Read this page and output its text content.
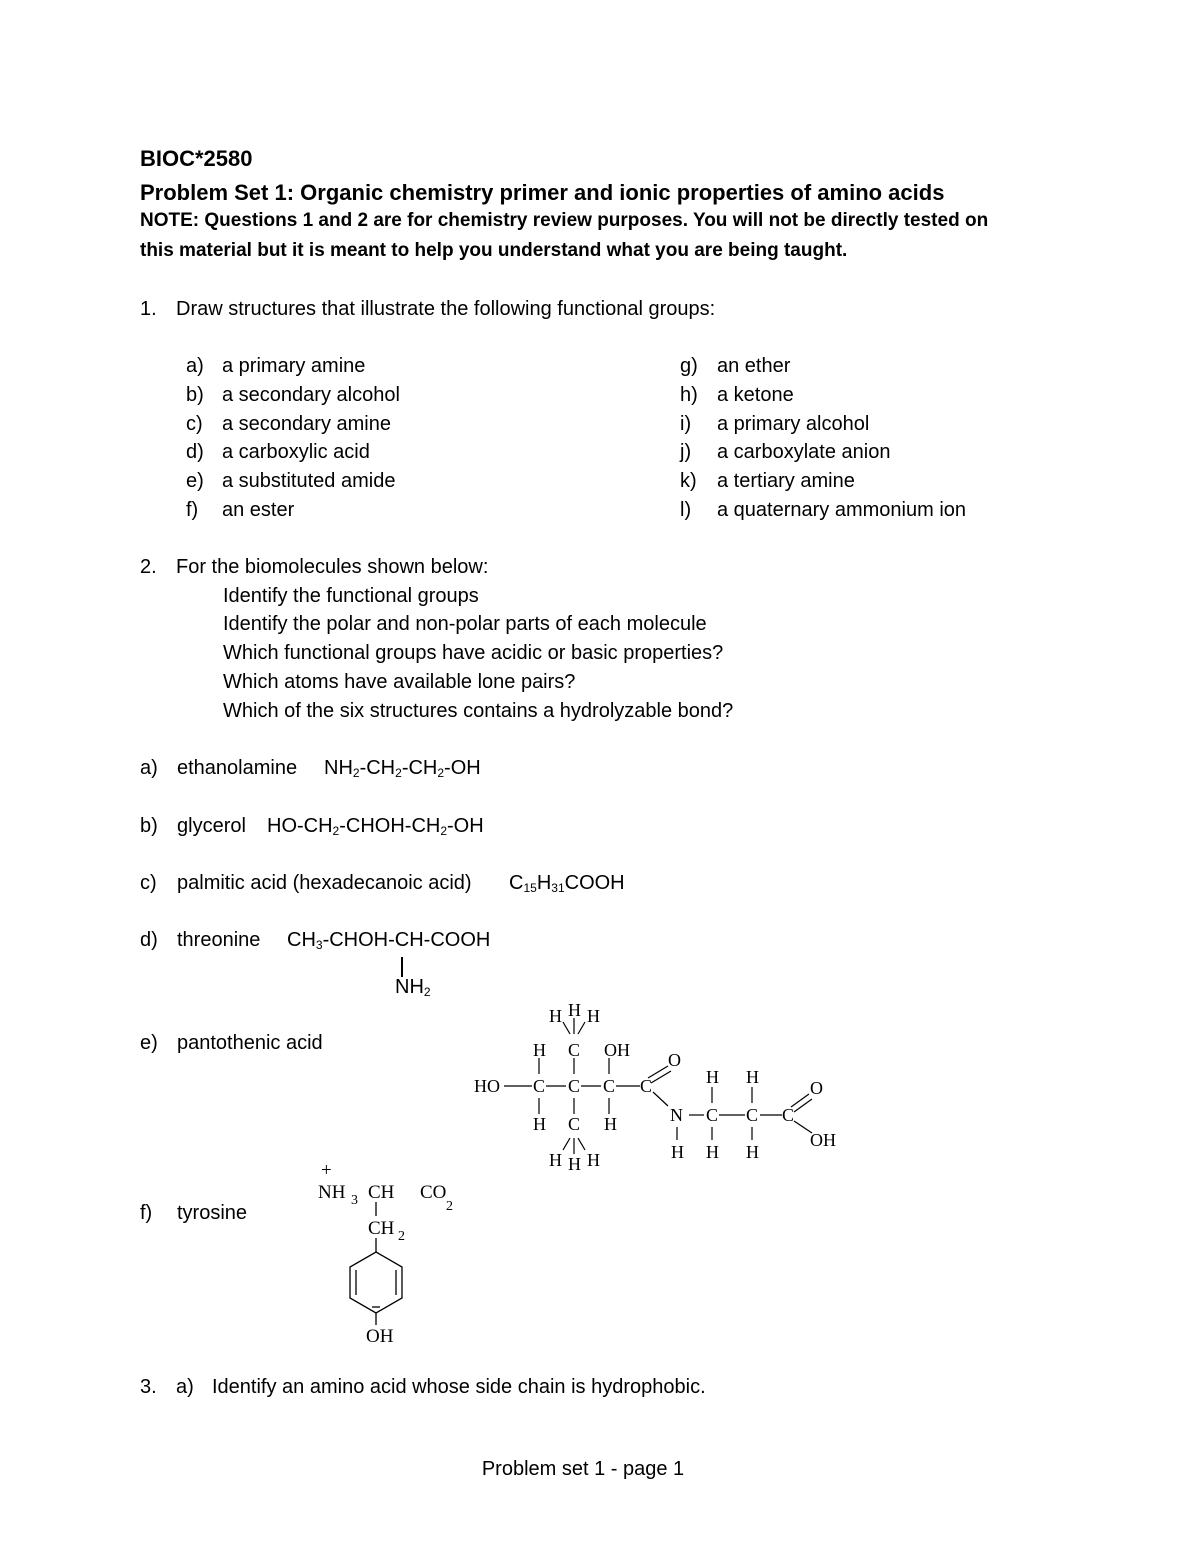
BIOC*2580
Problem Set 1: Organic chemistry primer and ionic properties of amino acids
NOTE: Questions 1 and 2 are for chemistry review purposes. You will not be directly tested on
this material but it is meant to help you understand what you are being taught.
1. Draw structures that illustrate the following functional groups:
a) a primary amine
b) a secondary alcohol
c) a secondary amine
d) a carboxylic acid
e) a substituted amide
f) an ester
g) an ether
h) a ketone
i) a primary alcohol
j) a carboxylate anion
k) a tertiary amine
l) a quaternary ammonium ion
2. For the biomolecules shown below:
Identify the functional groups
Identify the polar and non-polar parts of each molecule
Which functional groups have acidic or basic properties?
Which atoms have available lone pairs?
Which of the six structures contains a hydrolyzable bond?
a) ethanolamine $NH_2-CH_2-CH_2-OH$
b) glycerol $HO-CH_2-CHOH-CH_2-OH$
c) palmitic acid (hexadecanoic acid) $C_{15}H_{31}COOH$
d) threonine $CH_3-CHOH-CH$-COOH
$NH_2$
e) pantothenic acid
HO C C C C
H C OH
H C H
H H H
H H H
O
N
H
C C C
H H
H H
O
OH
f) tyrosine
+
NH 3 CH CO
2
CH 2
OH
3. a) Identify an amino acid whose side chain is hydrophobic.
Problem set 1 - page 1
